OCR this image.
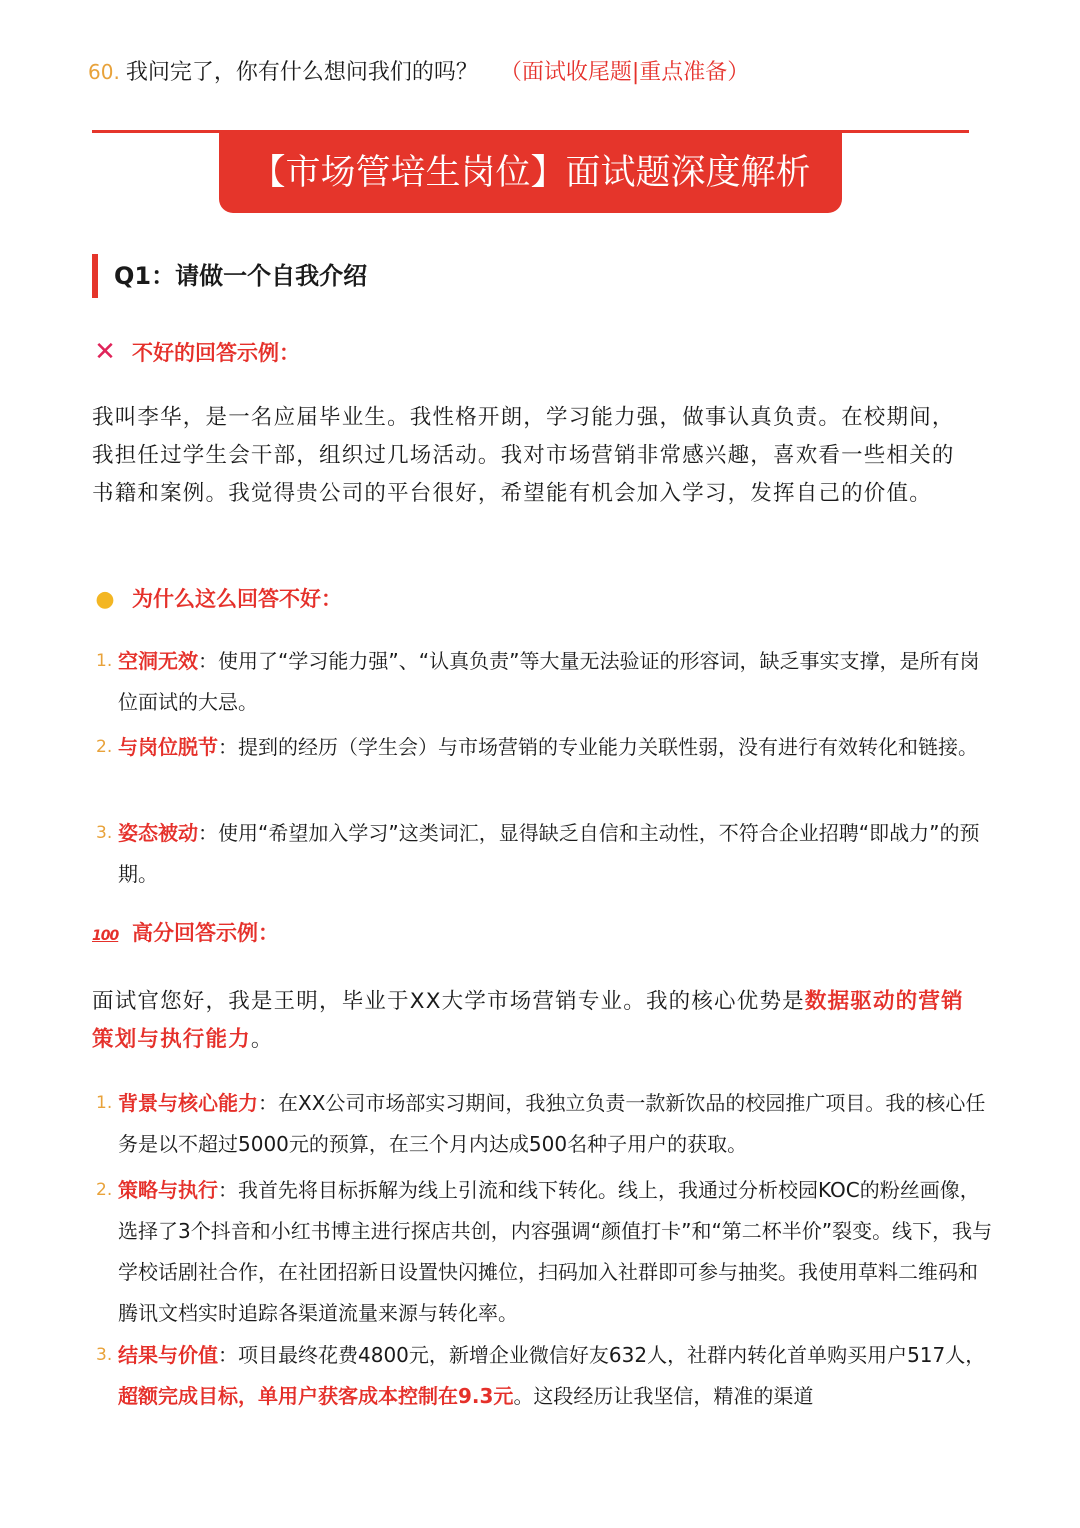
60. 我问完了，你有什么想问我们的吗？ （面试收尾题|重点准备）
【市场管培生岗位】面试题深度解析
Q1：请做一个自我介绍
✕ 不好的回答示例：
我叫李华，是一名应届毕业生。我性格开朗，学习能力强，做事认真负责。在校期间，我担任过学生会干部，组织过几场活动。我对市场营销非常感兴趣，喜欢看一些相关的书籍和案例。我觉得贵公司的平台很好，希望能有机会加入学习，发挥自己的价值。
● 为什么这么回答不好：
1. 空洞无效：使用了“学习能力强”、“认真负责”等大量无法验证的形容词，缺乏事实支撑，是所有岗位面试的大忌。
2. 与岗位脱节：提到的经历（学生会）与市场营销的专业能力关联性弱，没有进行有效转化和链接。
3. 姿态被动：使用“希望加入学习”这类词汇，显得缺乏自信和主动性，不符合企业招聘“即战力”的预期。
100 高分回答示例：
面试官您好，我是王明，毕业于XX大学市场营销专业。我的核心优势是数据驱动的营销策划与执行能力。
1. 背景与核心能力：在XX公司市场部实习期间，我独立负责一款新饮品的校园推广项目。我的核心任务是以不超过5000元的预算，在三个月内达成500名种子用户的获取。
2. 策略与执行：我首先将目标拆解为线上引流和线下转化。线上，我通过分析校园KOC的粉丝画像，选择了3个抖音和小红书博主进行探店共创，内容强调“颜值打卡”和“第二杯半价”裂变。线下，我与学校话剧社合作，在社团招新日设置快闪摊位，扫码加入社群即可参与抽奖。我使用草料二维码和腾讯文档实时追踪各渠道流量来源与转化率。
3. 结果与价值：项目最终花费4800元，新增企业微信好友632人，社群内转化首单购买用户517人，超额完成目标，单用户获客成本控制在9.3元。这段经历让我坚信，精准的渠道
